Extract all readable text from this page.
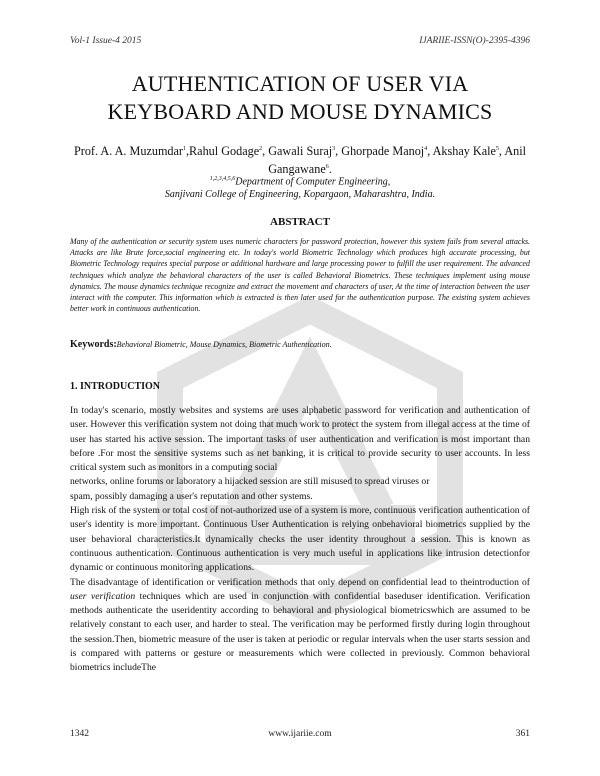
Vol-1 Issue-4 2015	IJARIIE-ISSN(O)-2395-4396
AUTHENTICATION OF USER VIA
KEYBOARD AND MOUSE DYNAMICS
Prof. A. A. Muzumdar$^1$,Rahul Godage$^2$, Gawali Suraj$^3$, Ghorpade Manoj$^4$, Akshay Kale$^5$, Anil Gangawane$^6$.
$^{1,2,3,4,5,6}$Department of Computer Engineering,
Sanjivani College of Engineering, Kopargaon, Maharashtra, India.
ABSTRACT
Many of the authentication or security system uses numeric characters for password protection, however this system fails from several attacks. Attacks are like Brute force,social engineering etc. In today's world Biometric Technology which produces high accurate processing, but Biometric Technology requires special purpose or additional hardware and large processing power to fulfill the user requirement. The advanced techniques which analyze the behavioral characters of the user is called Behavioral Biometrics. These techniques implement using mouse dynamics. The mouse dynamics technique recognize and extract the movement and characters of user, At the time of interaction between the user interact with the computer. This information which is extracted is then later used for the authentication purpose. The existing system achieves better work in continuous authentication.
Keywords:Behavioral Biometric, Mouse Dynamics, Biometric Authentication.
1. INTRODUCTION

In today's scenario, mostly websites and systems are uses alphabetic password for verification and authentication of user. However this verification system not doing that much work to protect the system from illegal access at the time of user has started his active session. The important tasks of user authentication and verification is most important than before .For most the sensitive systems such as net banking, it is critical to provide security to user accounts. In less critical system such as monitors in a computing social

networks, online forums or laboratory a hijacked session are still misused to spread viruses or

spam, possibly damaging a user's reputation and other systems.

High risk of the system or total cost of not-authorized use of a system is more, continuous verification authentication of user's identity is more important. Continuous User Authentication is relying onbehavioral biometrics supplied by the user behavioral characteristics.It dynamically checks the user identity throughout a session. This is known as continuous authentication. Continuous authentication is very much useful in applications like intrusion detectionfor dynamic or continuous monitoring applications.

The disadvantage of identification or verification methods that only depend on confidential lead to theintroduction of user verification techniques which are used in conjunction with confidential baseduser identification. Verification methods authenticate the useridentity according to behavioral and physiological biometricswhich are assumed to be relatively constant to each user, and harder to steal. The verification may be performed firstly during login throughout the session.Then, biometric measure of the user is taken at periodic or regular intervals when the user starts session and is compared with patterns or gesture or measurements which were collected in previously. Common behavioral biometrics includeThe

1342	www.ijariie.com	361
